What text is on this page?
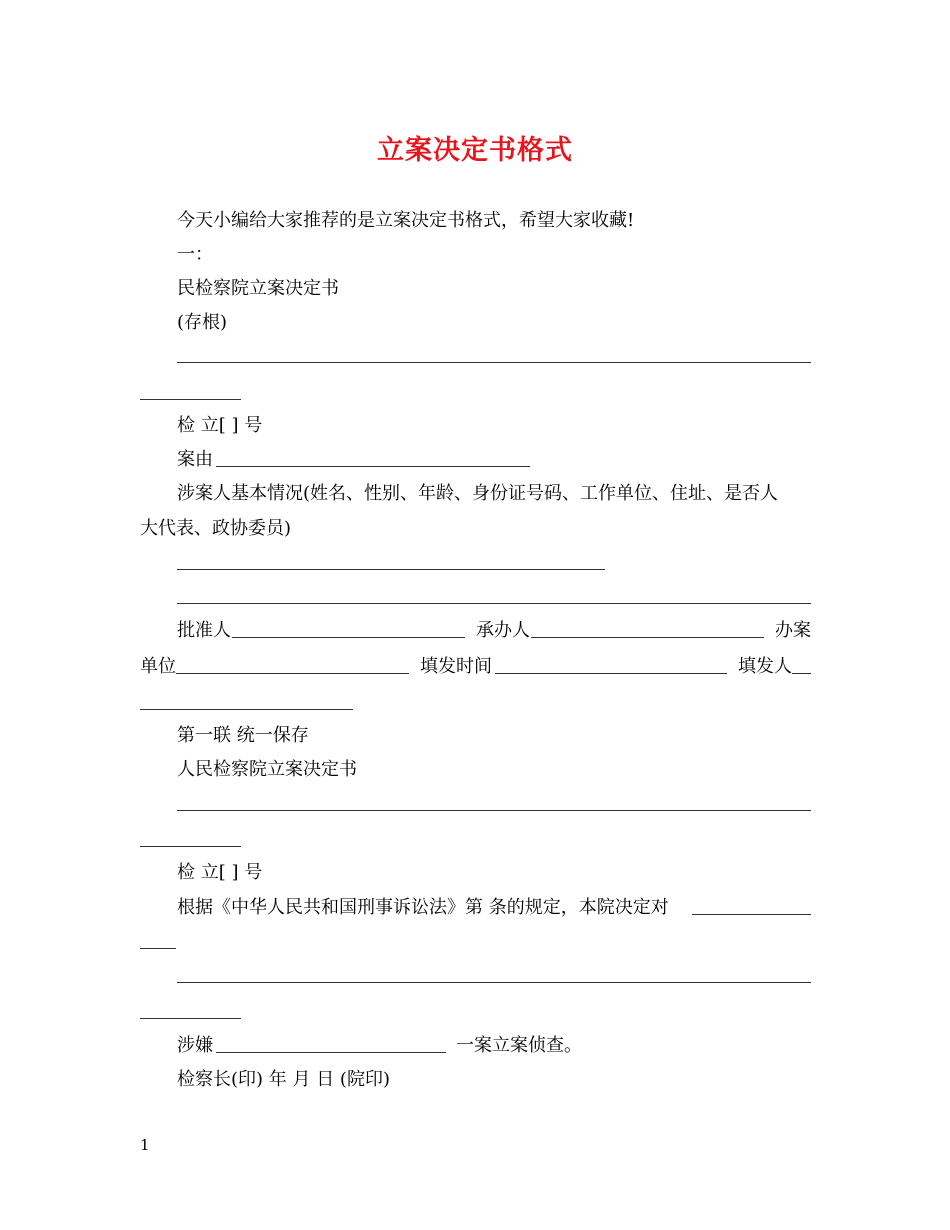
立案决定书格式
今天小编给大家推荐的是立案决定书格式，希望大家收藏!
一：
民检察院立案决定书
(存根)
检 立[ ] 号
案由
涉案人基本情况(姓名、性别、年龄、身份证号码、工作单位、住址、是否人
大代表、政协委员)
批准人	承办人	办案
单位	填发时间	填发人
第一联 统一保存
人民检察院立案决定书
检 立[ ] 号
根据《中华人民共和国刑事诉讼法》第 条的规定，本院决定对
涉嫌	一案立案侦查。
检察长(印) 年 月 日 (院印)
1
